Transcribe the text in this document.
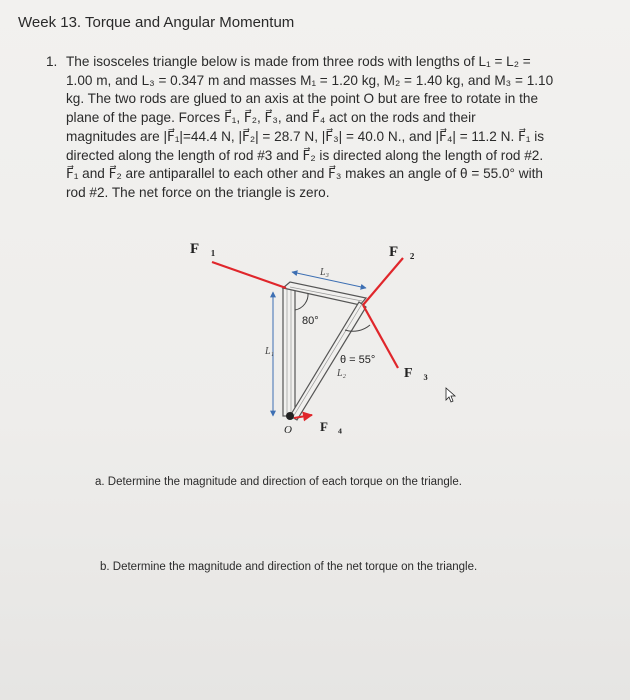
Week 13. Torque and Angular Momentum
1. The isosceles triangle below is made from three rods with lengths of L₁ = L₂ =
1.00 m, and L₃ = 0.347 m and masses M₁ = 1.20 kg, M₂ = 1.40 kg, and M₃ = 1.10
kg. The two rods are glued to an axis at the point O but are free to rotate in the
plane of the page. Forces F⃗₁, F⃗₂, F⃗₃, and F⃗₄ act on the rods and their
magnitudes are |F⃗₁|=44.4 N, |F⃗₂| = 28.7 N, |F⃗₃| = 40.0 N., and |F⃗₄| = 11.2 N. F⃗₁ is
directed along the length of rod #3 and F⃗₂ is directed along the length of rod #2.
F⃗₁ and F⃗₂ are antiparallel to each other and F⃗₃ makes an angle of θ = 55.0° with
rod #2. The net force on the triangle is zero.
F⃗₁	F⃗₂
F⃗₃
F⃗₄
L₁
L₂
L₃
80°
θ = 55°
O
a. Determine the magnitude and direction of each torque on the triangle.
b. Determine the magnitude and direction of the net torque on the triangle.
